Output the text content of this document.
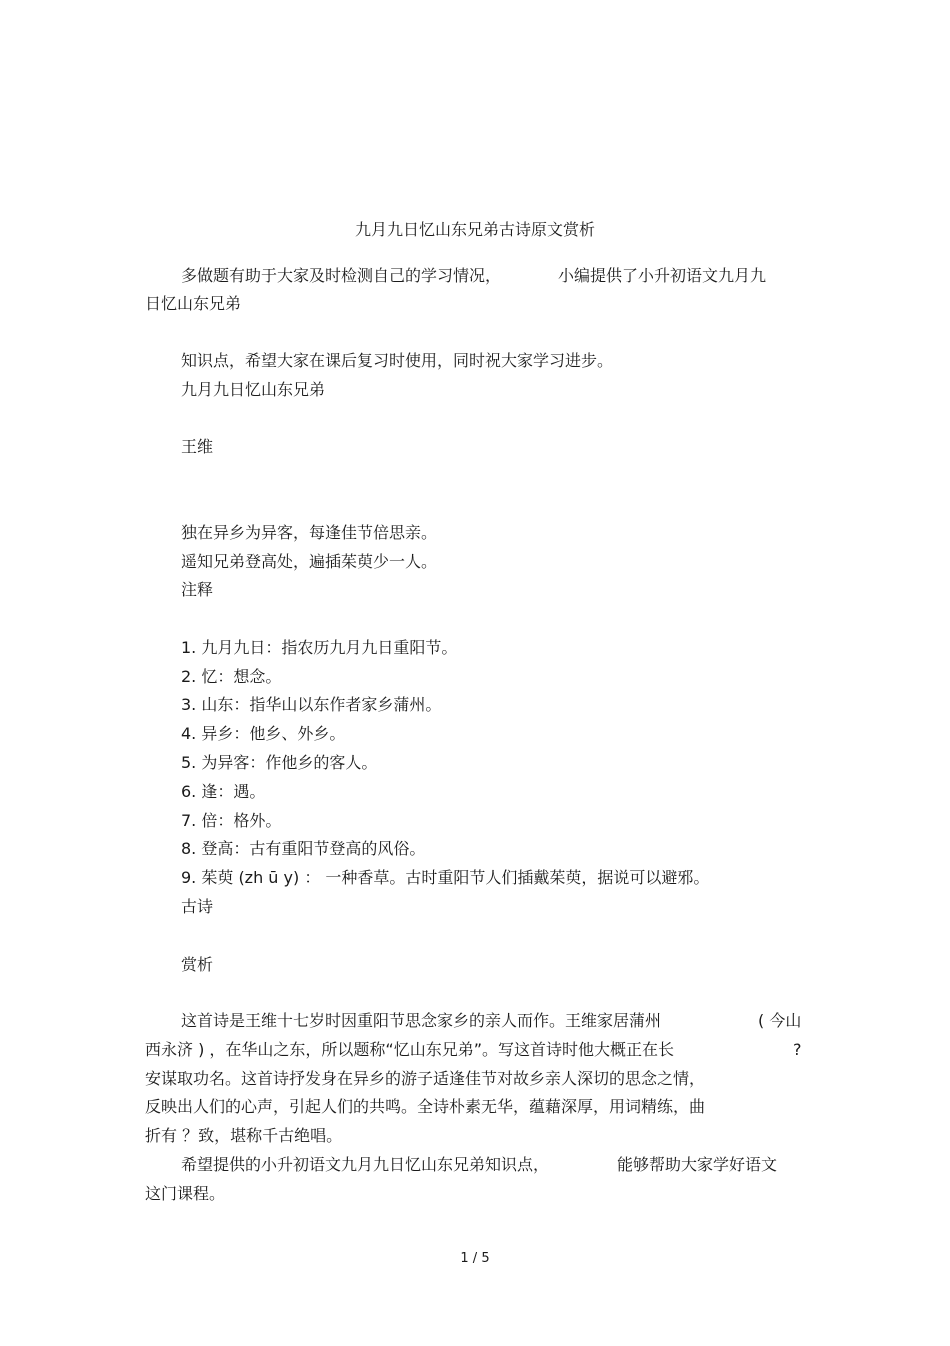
九月九日忆山东兄弟古诗原文赏析
多做题有助于大家及时检测自己的学习情况，	小编提供了小升初语文九月九
日忆山东兄弟
知识点，希望大家在课后复习时使用，同时祝大家学习进步。
九月九日忆山东兄弟
王维
独在异乡为异客，每逢佳节倍思亲。
遥知兄弟登高处，遍插茱萸少一人。
注释
1. 九月九日：指农历九月九日重阳节。
2. 忆：想念。
3. 山东：指华山以东作者家乡蒲州。
4. 异乡：他乡、外乡。
5. 为异客：作他乡的客人。
6. 逢：遇。
7. 倍：格外。
8. 登高：古有重阳节登高的风俗。
9. 茱萸 (zh ū y) ： 一种香草。古时重阳节人们插戴茱萸，据说可以避邪。
古诗
赏析
这首诗是王维十七岁时因重阳节思念家乡的亲人而作。王维家居蒲州	( 今山
西永济 ) ，在华山之东，所以题称“忆山东兄弟”。写这首诗时他大概正在长	?
安谋取功名。这首诗抒发身在异乡的游子适逢佳节对故乡亲人深切的思念之情，
反映出人们的心声，引起人们的共鸣。全诗朴素无华，蕴藉深厚，用词精练，曲
折有 ？致，堪称千古绝唱。
希望提供的小升初语文九月九日忆山东兄弟知识点，	能够帮助大家学好语文
这门课程。
1 / 5
